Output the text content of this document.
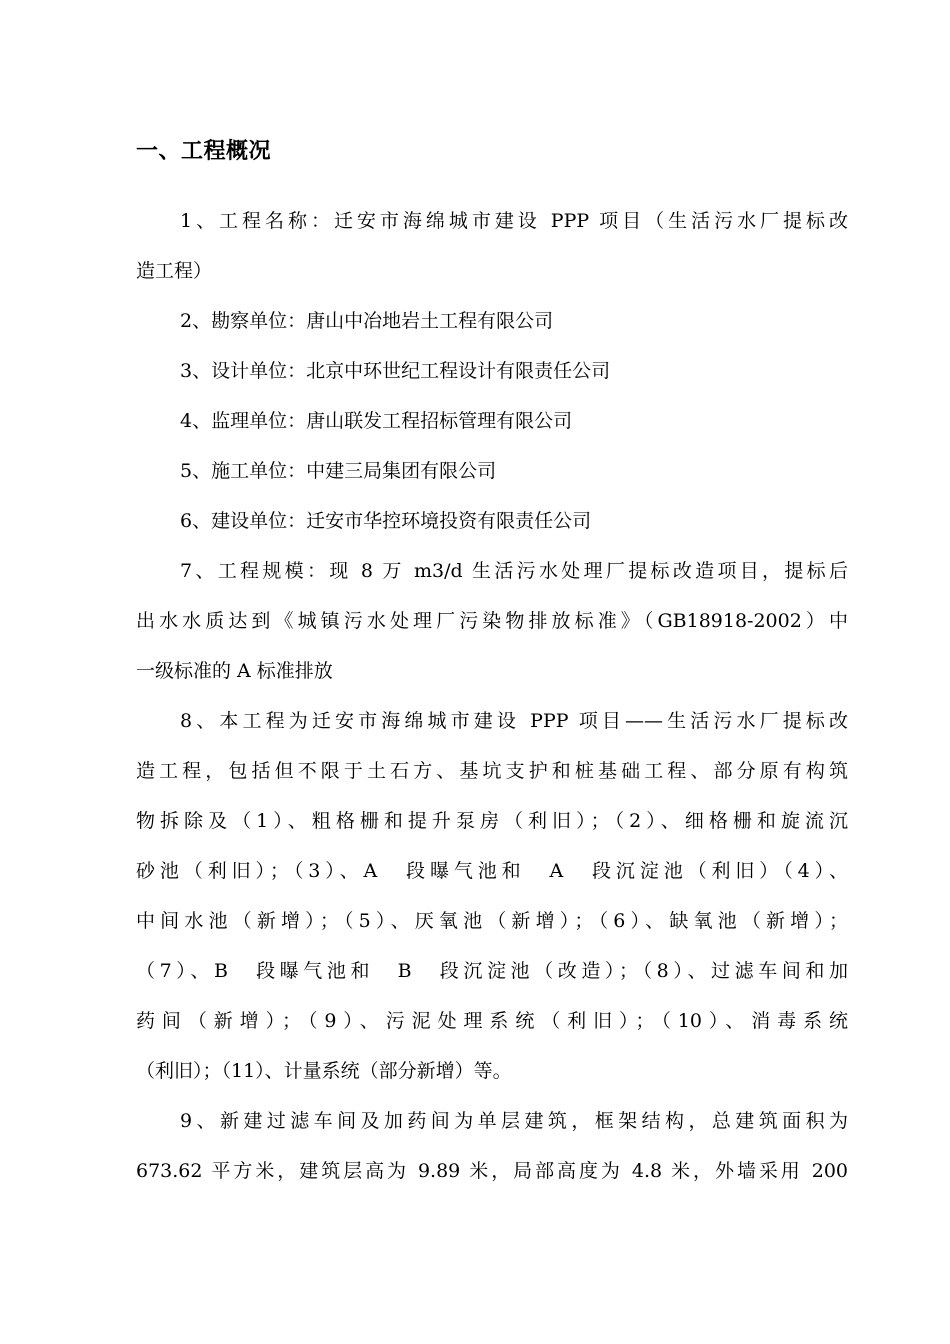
一、工程概况
1、工程名称：迁安市海绵城市建设 PPP 项目（生活污水厂提标改
造工程）
2、勘察单位：唐山中冶地岩土工程有限公司
3、设计单位：北京中环世纪工程设计有限责任公司
4、监理单位：唐山联发工程招标管理有限公司
5、施工单位：中建三局集团有限公司
6、建设单位：迁安市华控环境投资有限责任公司
7、工程规模：现 8 万 m3/d 生活污水处理厂提标改造项目，提标后
出水水质达到《城镇污水处理厂污染物排放标准》（GB18918-2002）中
一级标准的 A 标准排放
8、本工程为迁安市海绵城市建设 PPP 项目——生活污水厂提标改
造工程，包括但不限于土石方、基坑支护和桩基础工程、部分原有构筑
物拆除及（1）、粗格栅和提升泵房（利旧）；（2）、细格栅和旋流沉
砂池（利旧）；（3）、A　段曝气池和　A　段沉淀池（利旧）（4）、
中间水池（新增）；（5）、厌氧池（新增）；（6）、缺氧池（新增）；
（7）、B　段曝气池和　B　段沉淀池（改造）；（8）、过滤车间和加
药间（新增）；（9）、污泥处理系统（利旧）；（10）、消毒系统
（利旧）；（11）、计量系统（部分新增）等。
9、新建过滤车间及加药间为单层建筑，框架结构，总建筑面积为
673.62 平方米，建筑层高为 9.89 米，局部高度为 4.8 米，外墙采用 200
